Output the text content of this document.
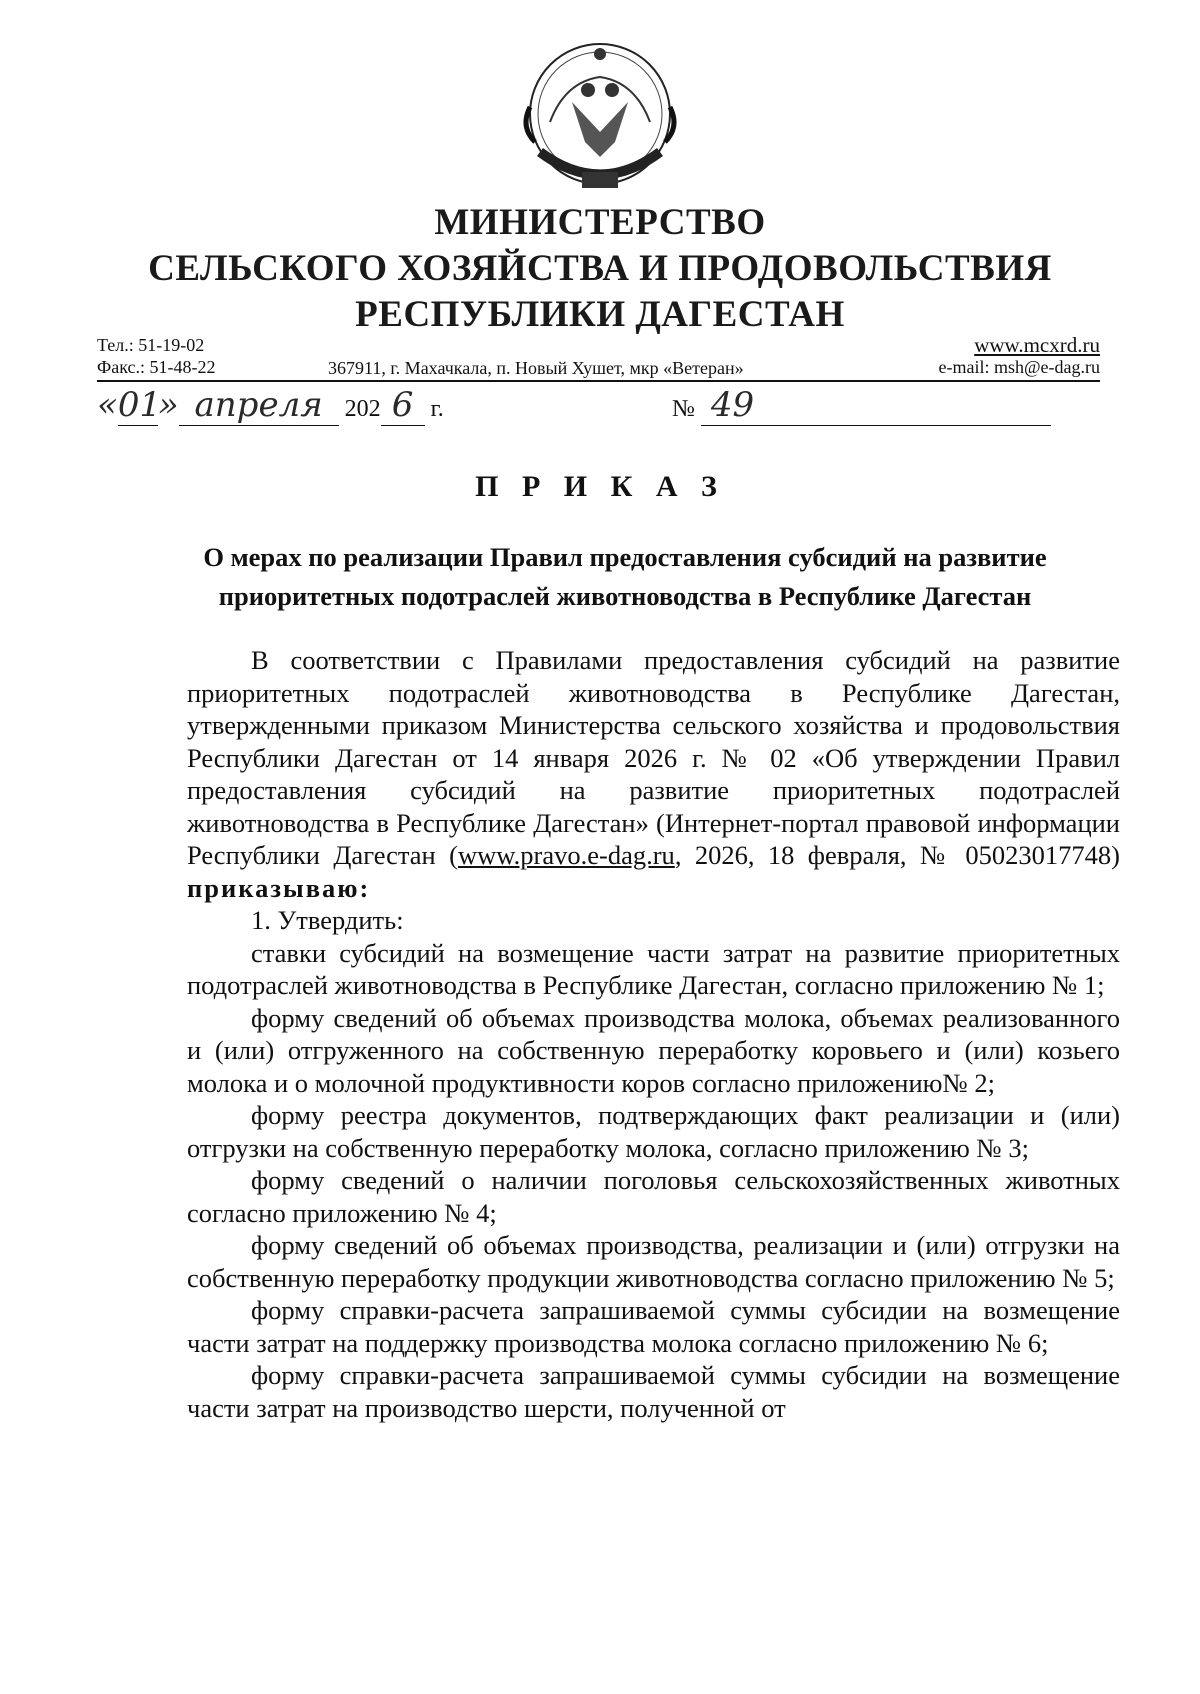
МИНИСТЕРСТВО
СЕЛЬСКОГО ХОЗЯЙСТВА И ПРОДОВОЛЬСТВИЯ
РЕСПУБЛИКИ ДАГЕСТАН
Тел.: 51-19-02
Факс.: 51-48-22	367911, г. Махачкала, п. Новый Хушет, мкр «Ветеран»
www.mcxrd.ru
e-mail: msh@e-dag.ru
«01» апреля 202 6 г.	№ 49
П Р И К А З
О мерах по реализации Правил предоставления субсидий на развитие приоритетных подотраслей животноводства в Республике Дагестан

В соответствии с Правилами предоставления субсидий на развитие приоритетных подотраслей животноводства в Республике Дагестан, утвержденными приказом Министерства сельского хозяйства и продовольствия Республики Дагестан от 14 января 2026 г. № 02 «Об утверждении Правил предоставления субсидий на развитие приоритетных подотраслей животноводства в Республике Дагестан» (Интернет-портал правовой информации Республики Дагестан (www.pravo.e-dag.ru, 2026, 18 февраля, № 05023017748) приказываю:

1. Утвердить:

ставки субсидий на возмещение части затрат на развитие приоритетных подотраслей животноводства в Республике Дагестан, согласно приложению № 1;

форму сведений об объемах производства молока, объемах реализованного и (или) отгруженного на собственную переработку коровьего и (или) козьего молока и о молочной продуктивности коров согласно приложению№ 2;

форму реестра документов, подтверждающих факт реализации и (или) отгрузки на собственную переработку молока, согласно приложению № 3;

форму сведений о наличии поголовья сельскохозяйственных животных согласно приложению № 4;

форму сведений об объемах производства, реализации и (или) отгрузки на собственную переработку продукции животноводства согласно приложению № 5;

форму справки-расчета запрашиваемой суммы субсидии на возмещение части затрат на поддержку производства молока согласно приложению № 6;

форму справки-расчета запрашиваемой суммы субсидии на возмещение части затрат на производство шерсти, полученной от
